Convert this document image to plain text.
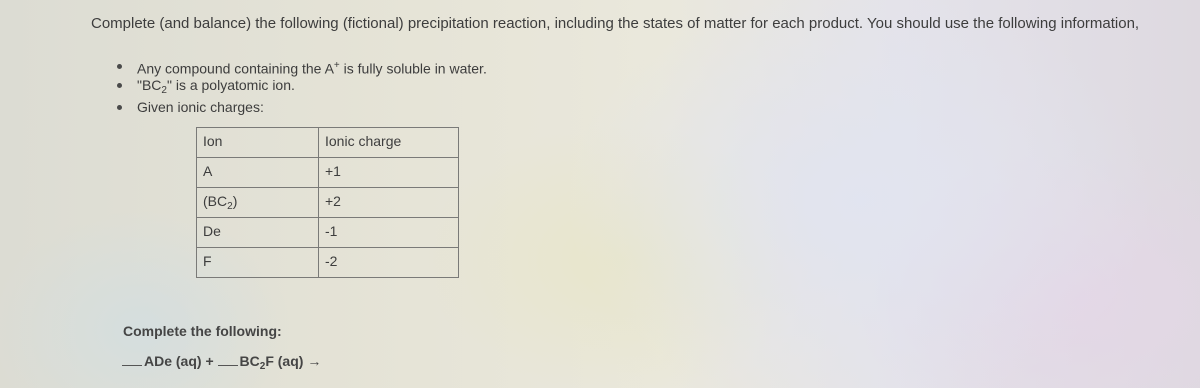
Complete (and balance) the following (fictional) precipitation reaction, including the states of matter for each product. You should use the following information,
Any compound containing the A+ is fully soluble in water.
"$BC_2$" is a polyatomic ion.
Given ionic charges:
Ion	Ionic charge
A	+1
$(BC_2)$	+2
De	-1
F	-2
Complete the following:
ADe $(aq) + BC_2F$ (aq) →
